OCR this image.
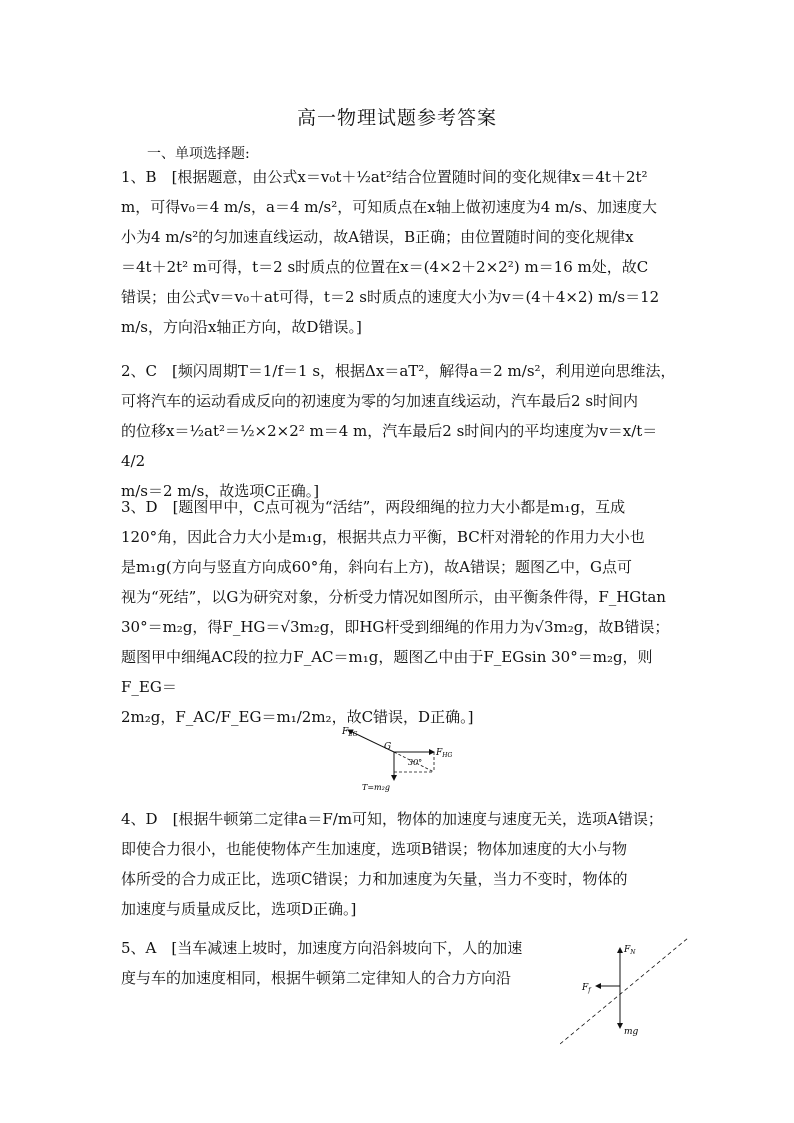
高一物理试题参考答案
一、单项选择题:

1、B　[根据题意，由公式x＝v₀t＋½at²结合位置随时间的变化规律x＝4t＋2t²

m，可得v₀＝4 m/s，a＝4 m/s²，可知质点在x轴上做初速度为4 m/s、加速度大

小为4 m/s²的匀加速直线运动，故A错误，B正确；由位置随时间的变化规律x

＝4t＋2t² m可得，t＝2 s时质点的位置在x＝(4×2＋2×2²) m＝16 m处，故C

错误；由公式v＝v₀＋at可得，t＝2 s时质点的速度大小为v＝(4＋4×2) m/s＝12

m/s，方向沿x轴正方向，故D错误。]

2、C　[频闪周期T＝1/f＝1 s，根据Δx＝aT²，解得a＝2 m/s²，利用逆向思维法，

可将汽车的运动看成反向的初速度为零的匀加速直线运动，汽车最后2 s时间内

的位移x＝½at²＝½×2×2² m＝4 m，汽车最后2 s时间内的平均速度为v＝x/t＝4/2

m/s＝2 m/s，故选项C正确。]

3、D　[题图甲中，C点可视为“活结”，两段细绳的拉力大小都是m₁g，互成

120°角，因此合力大小是m₁g，根据共点力平衡，BC杆对滑轮的作用力大小也

是m₁g(方向与竖直方向成60°角，斜向右上方)，故A错误；题图乙中，G点可

视为“死结”，以G为研究对象，分析受力情况如图所示，由平衡条件得，F_HGtan

30°＝m₂g，得F_HG＝√3m₂g，即HG杆受到细绳的作用力为√3m₂g，故B错误；

题图甲中细绳AC段的拉力F_AC＝m₁g，题图乙中由于F_EGsin 30°＝m₂g，则F_EG＝

2m₂g，F_AC/F_EG＝m₁/2m₂，故C错误，D正确。]

$F_{EG}$
G
$F_{HG}$
30°
T=m₂g

4、D　[根据牛顿第二定律a＝F/m可知，物体的加速度与速度无关，选项A错误；

即使合力很小，也能使物体产生加速度，选项B错误；物体加速度的大小与物

体所受的合力成正比，选项C错误；力和加速度为矢量，当力不变时，物体的

加速度与质量成反比，选项D正确。]

5、A　[当车减速上坡时，加速度方向沿斜坡向下，人的加速

度与车的加速度相同，根据牛顿第二定律知人的合力方向沿

$F_N$
$F_f$
mg
